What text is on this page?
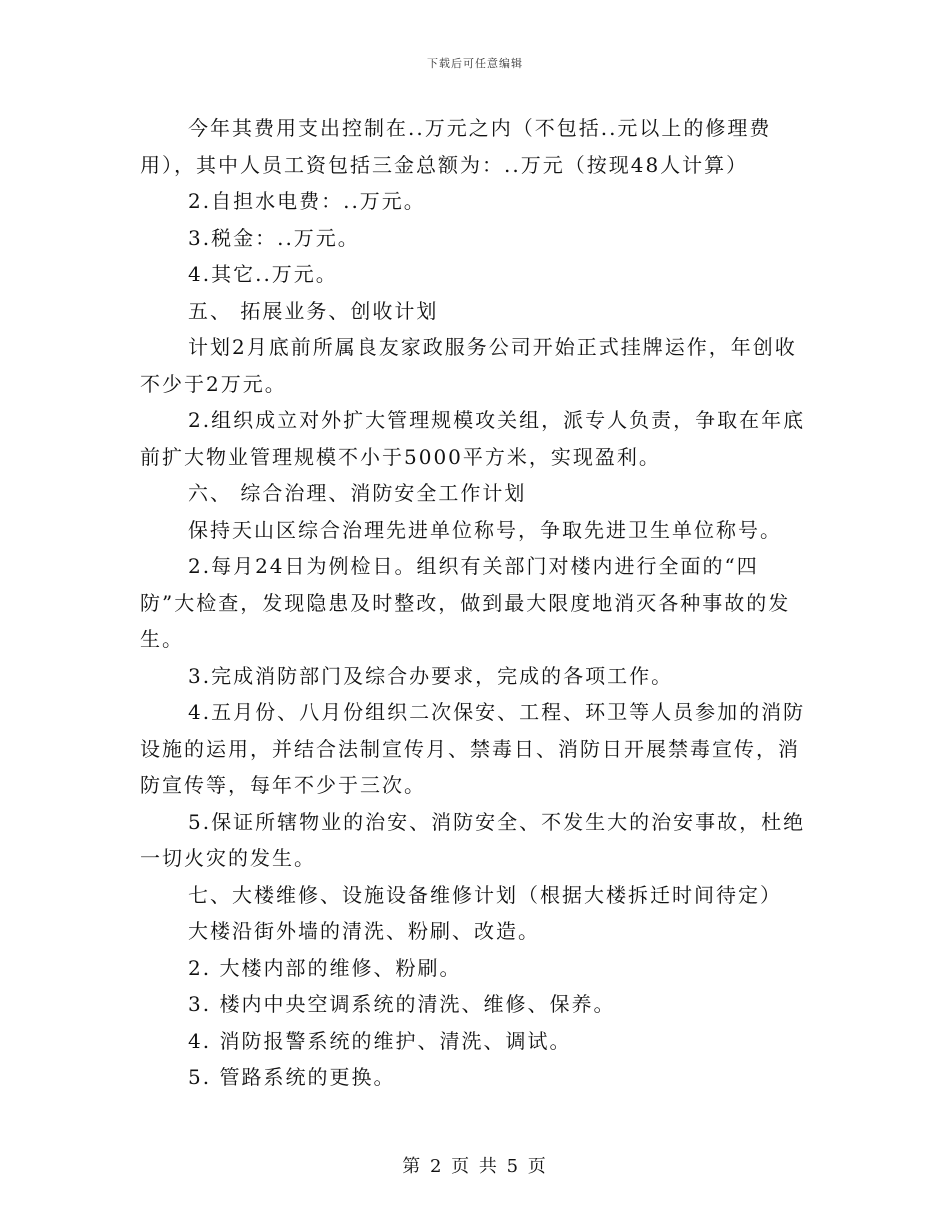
下载后可任意编辑

今年其费用支出控制在..万元之内（不包括..元以上的修理费用），其中人员工资包括三金总额为：..万元（按现48人计算）

2.自担水电费：..万元。

3.税金：..万元。

4.其它..万元。

五、 拓展业务、创收计划

计划2月底前所属良友家政服务公司开始正式挂牌运作，年创收不少于2万元。

2.组织成立对外扩大管理规模攻关组，派专人负责，争取在年底前扩大物业管理规模不小于5000平方米，实现盈利。

六、 综合治理、消防安全工作计划

保持天山区综合治理先进单位称号，争取先进卫生单位称号。

2.每月24日为例检日。组织有关部门对楼内进行全面的“四防”大检查，发现隐患及时整改，做到最大限度地消灭各种事故的发生。

3.完成消防部门及综合办要求，完成的各项工作。

4.五月份、八月份组织二次保安、工程、环卫等人员参加的消防设施的运用，并结合法制宣传月、禁毒日、消防日开展禁毒宣传，消防宣传等，每年不少于三次。

5.保证所辖物业的治安、消防安全、不发生大的治安事故，杜绝一切火灾的发生。

七、大楼维修、设施设备维修计划（根据大楼拆迁时间待定）

大楼沿街外墙的清洗、粉刷、改造。

2. 大楼内部的维修、粉刷。

3. 楼内中央空调系统的清洗、维修、保养。

4. 消防报警系统的维护、清洗、调试。

5. 管路系统的更换。

第 2 页 共 5 页
